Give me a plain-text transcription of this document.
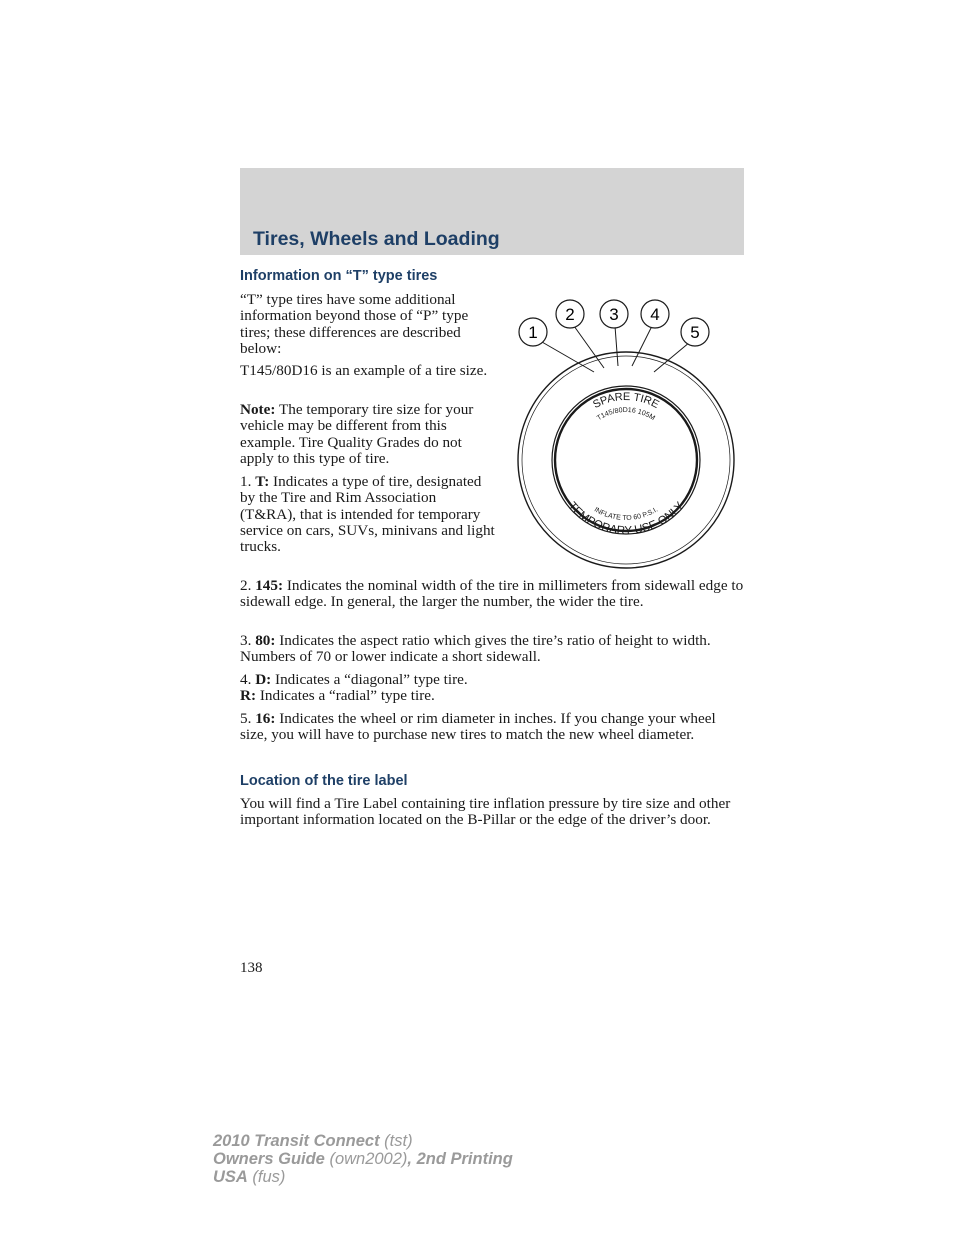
Tires, Wheels and Loading
Information on “T” type tires

“T” type tires have some additional information beyond those of “P” type tires; these differences are described below:

T145/80D16 is an example of a tire size.

Note: The temporary tire size for your vehicle may be different from this example. Tire Quality Grades do not apply to this type of tire.

1. T: Indicates a type of tire, designated by the Tire and Rim Association (T&RA), that is intended for temporary service on cars, SUVs, minivans and light trucks.

2. 145: Indicates the nominal width of the tire in millimeters from sidewall edge to sidewall edge. In general, the larger the number, the wider the tire.

3. 80: Indicates the aspect ratio which gives the tire’s ratio of height to width. Numbers of 70 or lower indicate a short sidewall.

4. D: Indicates a “diagonal” type tire.
R: Indicates a “radial” type tire.

5. 16: Indicates the wheel or rim diameter in inches. If you change your wheel size, you will have to purchase new tires to match the new wheel diameter.

Location of the tire label

You will find a Tire Label containing tire inflation pressure by tire size and other important information located on the B-Pillar or the edge of the driver’s door.

1
2 3 4
5
SPARE TIRE
T145/80D16 105M
TEMPORARY USE ONLY
INFLATE TO 60 P.S.I.

138

2010 Transit Connect (tst)
Owners Guide (own2002), 2nd Printing
USA (fus)
